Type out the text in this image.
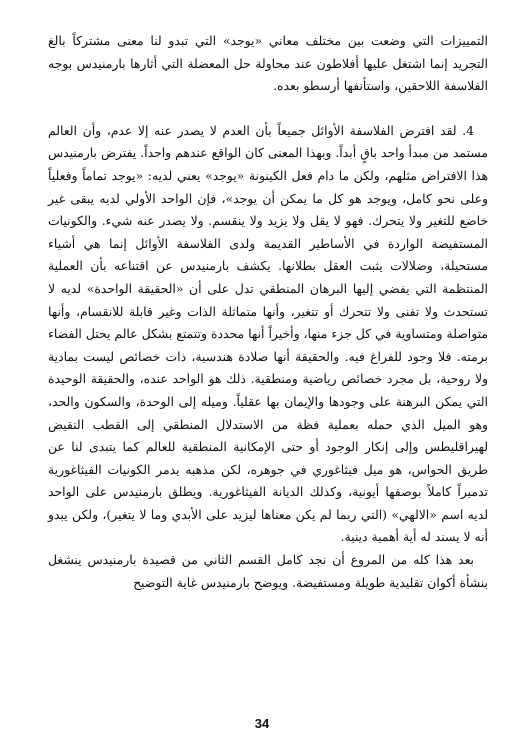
التمييزات التي وضعت بين مختلف معاني «يوجد» التي تبدو لنا معنى مشتركاً بالغ التجريد إنما اشتغل عليها أفلاطون عند محاولة حل المعضلة التي أثارها بارمنيدس بوجه الفلاسفة اللاحقين، واستأنفها أرسطو بعده.

4. لقد افترض الفلاسفة الأوائل جميعاً بأن العدم لا يصدر عنه إلا عدم، وأن العالم مستمد من مبدأ واحد باقٍ أبداً. وبهذا المعنى كان الواقع عندهم واحداً. يفترض بارمنيدس هذا الافتراض مثلهم، ولكن ما دام فعل الكينونة «يوجد» يعني لديه: «يوجد تماماً وفعلياً وعلى نحو كامل، ويوجد هو كل ما يمكن أن يوجد»، فإن الواحد الأولي لديه يبقى غير خاضع للتغير ولا يتحرك. فهو لا يقل ولا يزيد ولا ينقسم. ولا يصدر عنه شيء. والكونيات المستفيضة الواردة في الأساطير القديمة ولدى الفلاسفة الأوائل إنما هي أشياء مستحيلة، وضلالات يثبت العقل بطلانها. يكشف بارمنيدس عن اقتناعه بأن العملية المنتظمة التي يفضي إليها البرهان المنطقي تدل على أن «الحقيقة الواحدة» لديه لا تستحدث ولا تفنى ولا تتحرك أو تتغير، وأنها متماثلة الذات وغير قابلة للانقسام، وأنها متواصلة ومتساوية في كل جزء منها، وأخيراً أنها محددة وتتمتع بشكل عالم يحتل الفضاء برمته. فلا وجود للفراغ فيه. والحقيقة أنها صلادة هندسية، ذات خصائص ليست بمادية ولا روحية، بل مجرد خصائص رياضية ومنطقية. ذلك هو الواحد عنده، والحقيقة الوحيدة التي يمكن البرهنة على وجودها والإيمان بها عقلياً. وميله إلى الوحدة، والسكون والحد، وهو الميل الذي حمله بعملية فظة من الاستدلال المنطقي إلى القطب النقيض لهيراقليطس وإلى إنكار الوجود أو حتى الإمكانية المنطقية للعالم كما يتبدى لنا عن طريق الحواس، هو ميل فيثاغوري في جوهره، لكن مذهبه يدمر الكونيات الفيثاغورية تدميراً كاملاً بوصفها أيونية، وكذلك الديانة الفيثاغورية. ويطلق بارمنيدس على الواحد لديه اسم «الالهي» (التي ربما لم يكن معناها ليزيد على الأبدي وما لا يتغير)، ولكن يبدو أنه لا يسند له أية أهمية دينية.

بعد هذا كله من المروع أن نجد كامل القسم الثاني من قصيدة بارمنيدس ينشغل بنشأة أكوان تقليدية طويلة ومستفيضة. ويوضح بارمنيدس غاية التوضيح

34
